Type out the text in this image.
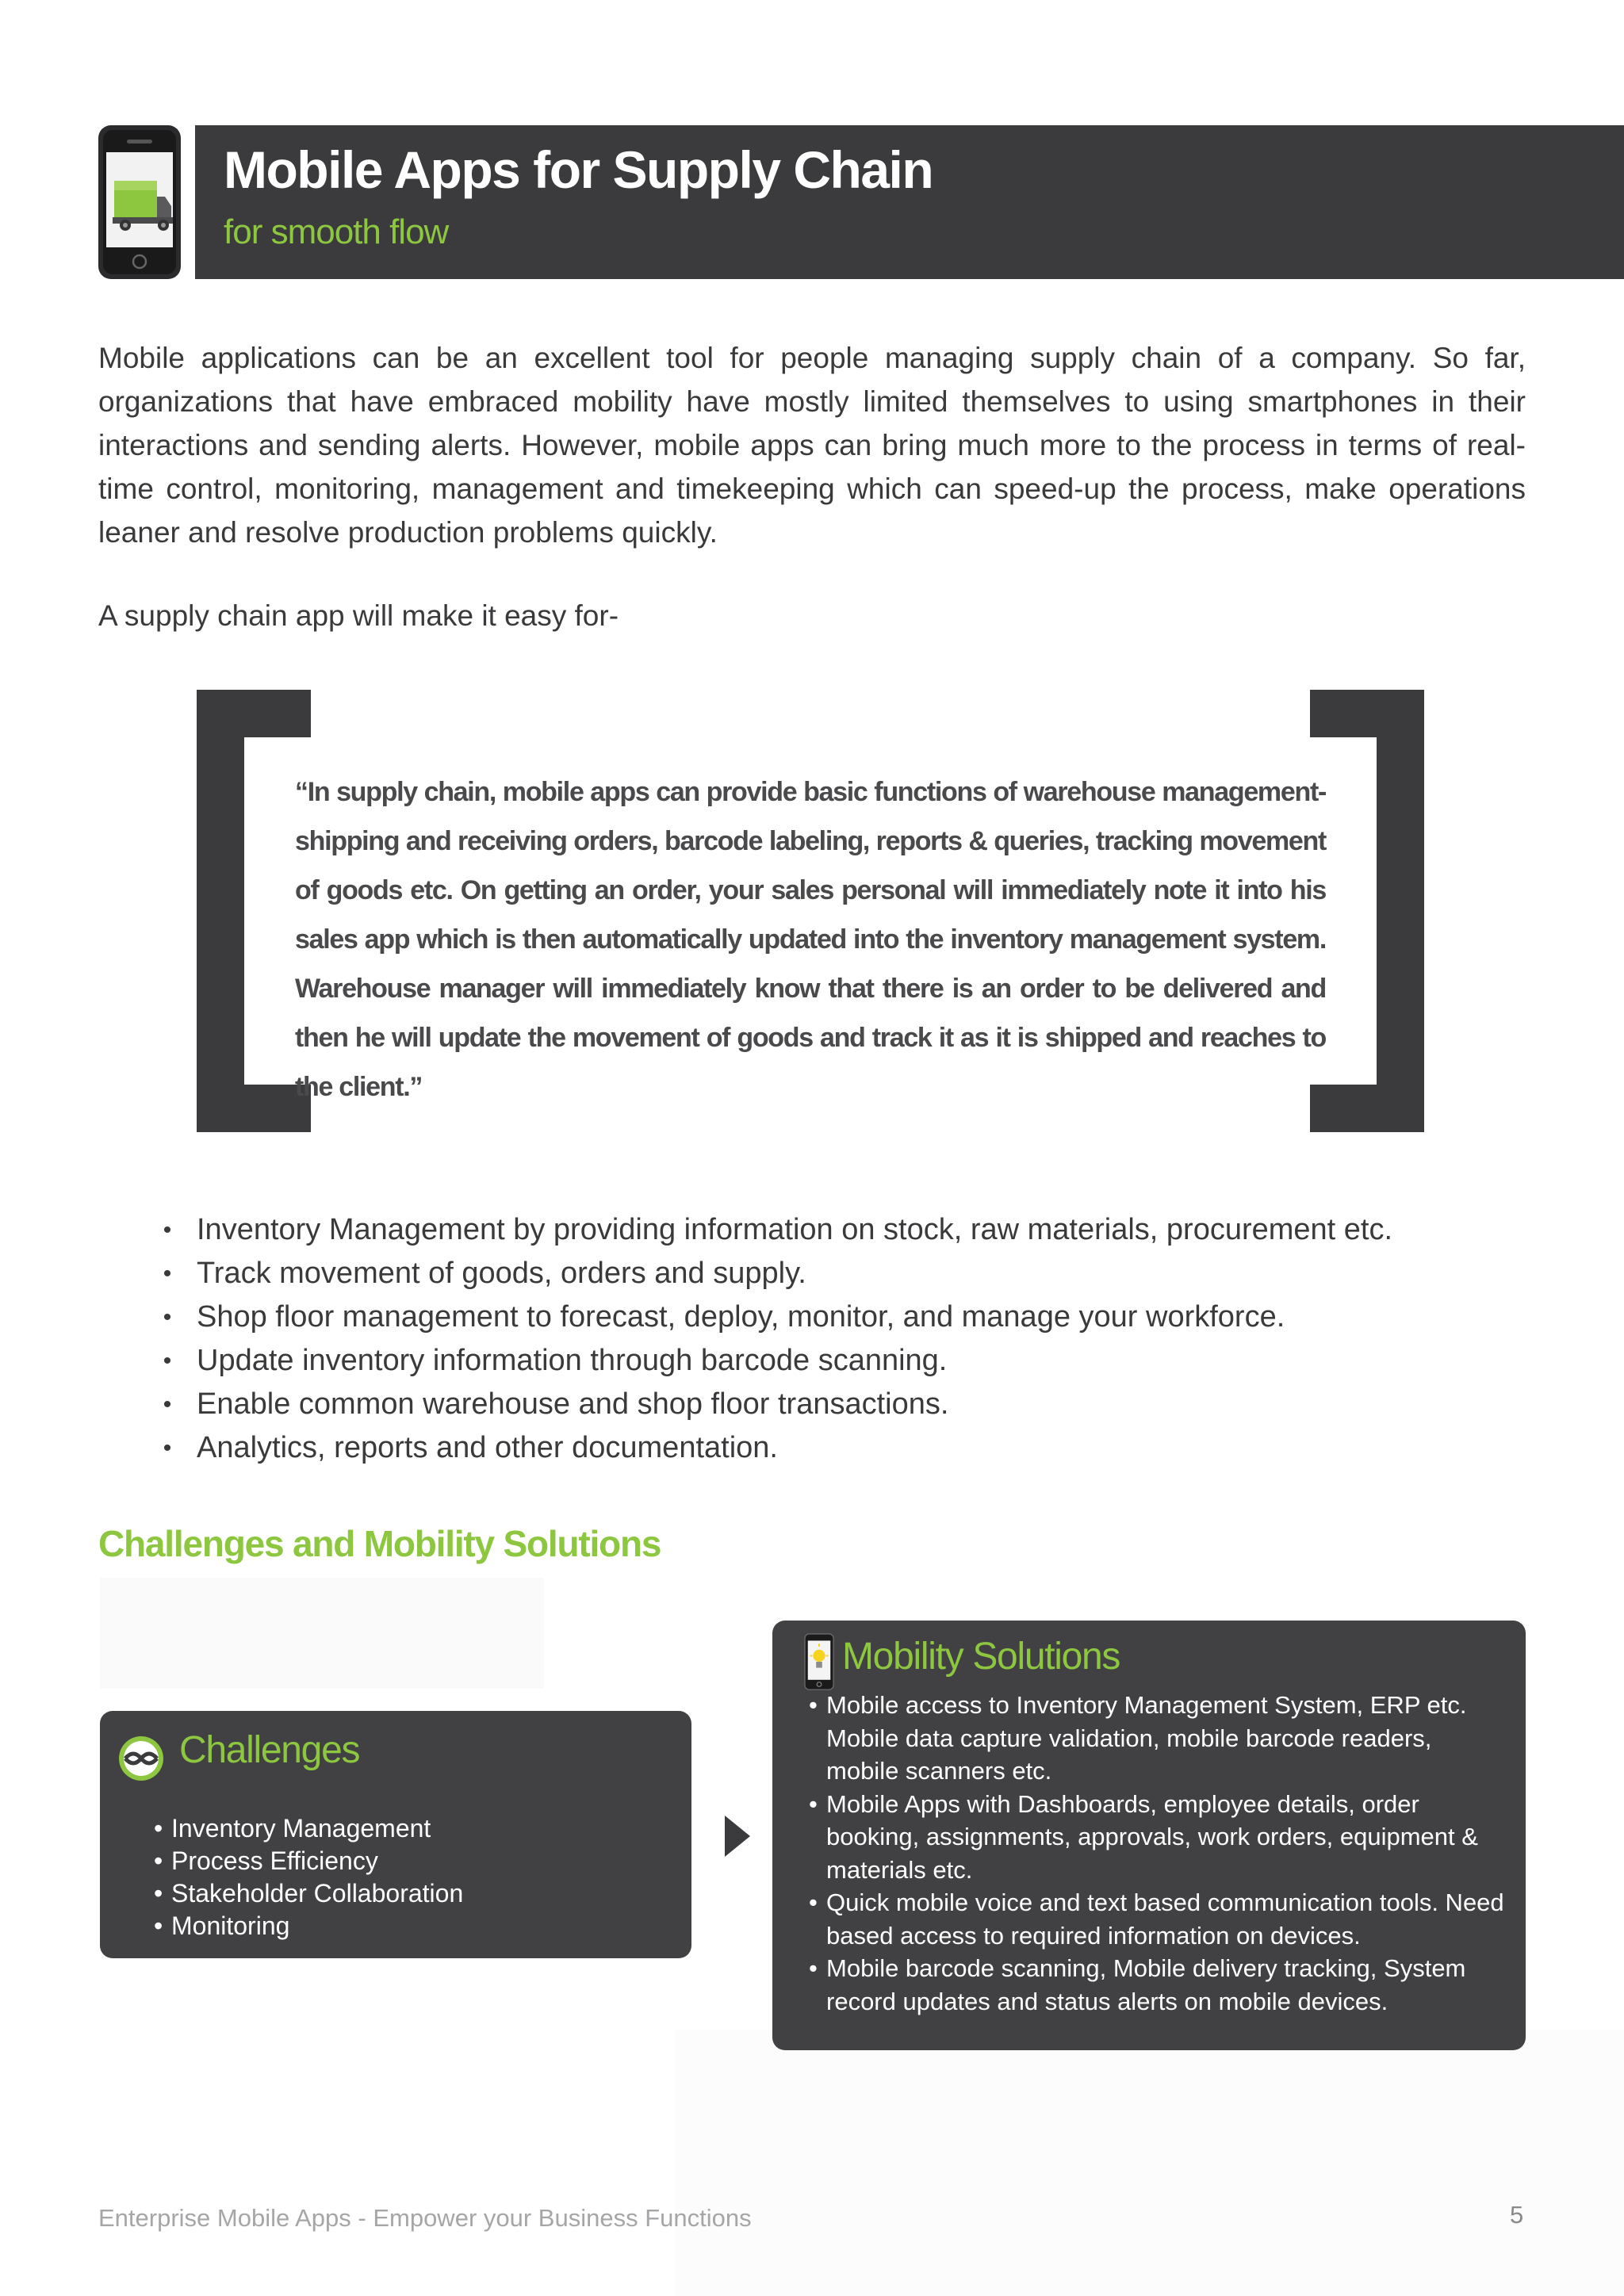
Mobile Apps for Supply Chain
for smooth flow

Mobile applications can be an excellent tool for people managing supply chain of a company. So far, organizations that have embraced mobility have mostly limited themselves to using smartphones in their interactions and sending alerts. However, mobile apps can bring much more to the process in terms of real-time control, monitoring, management and timekeeping which can speed-up the process, make operations leaner and resolve production problems quickly.

A supply chain app will make it easy for-

“In supply chain, mobile apps can provide basic functions of warehouse management-shipping and receiving orders, barcode labeling, reports & queries, tracking movement of goods etc. On getting an order, your sales personal will immediately note it into his sales app which is then automatically updated into the inventory management system. Warehouse manager will immediately know that there is an order to be delivered and then he will update the movement of goods and track it as it is shipped and reaches to the client.”

• Inventory Management by providing information on stock, raw materials, procurement etc.
• Track movement of goods, orders and supply.
• Shop floor management to forecast, deploy, monitor, and manage your workforce.
• Update inventory information through barcode scanning.
• Enable common warehouse and shop floor transactions.
• Analytics, reports and other documentation.

Challenges and Mobility Solutions

Challenges
• Inventory Management
• Process Efficiency
• Stakeholder Collaboration
• Monitoring
Mobility Solutions
• Mobile access to Inventory Management System, ERP etc. Mobile data capture validation, mobile barcode readers, mobile scanners etc.
• Mobile Apps with Dashboards, employee details, order booking, assignments, approvals, work orders, equipment & materials etc.
• Quick mobile voice and text based communication tools. Need based access to required information on devices.
• Mobile barcode scanning, Mobile delivery tracking, System record updates and status alerts on mobile devices.

Enterprise Mobile Apps - Empower your Business Functions	5
